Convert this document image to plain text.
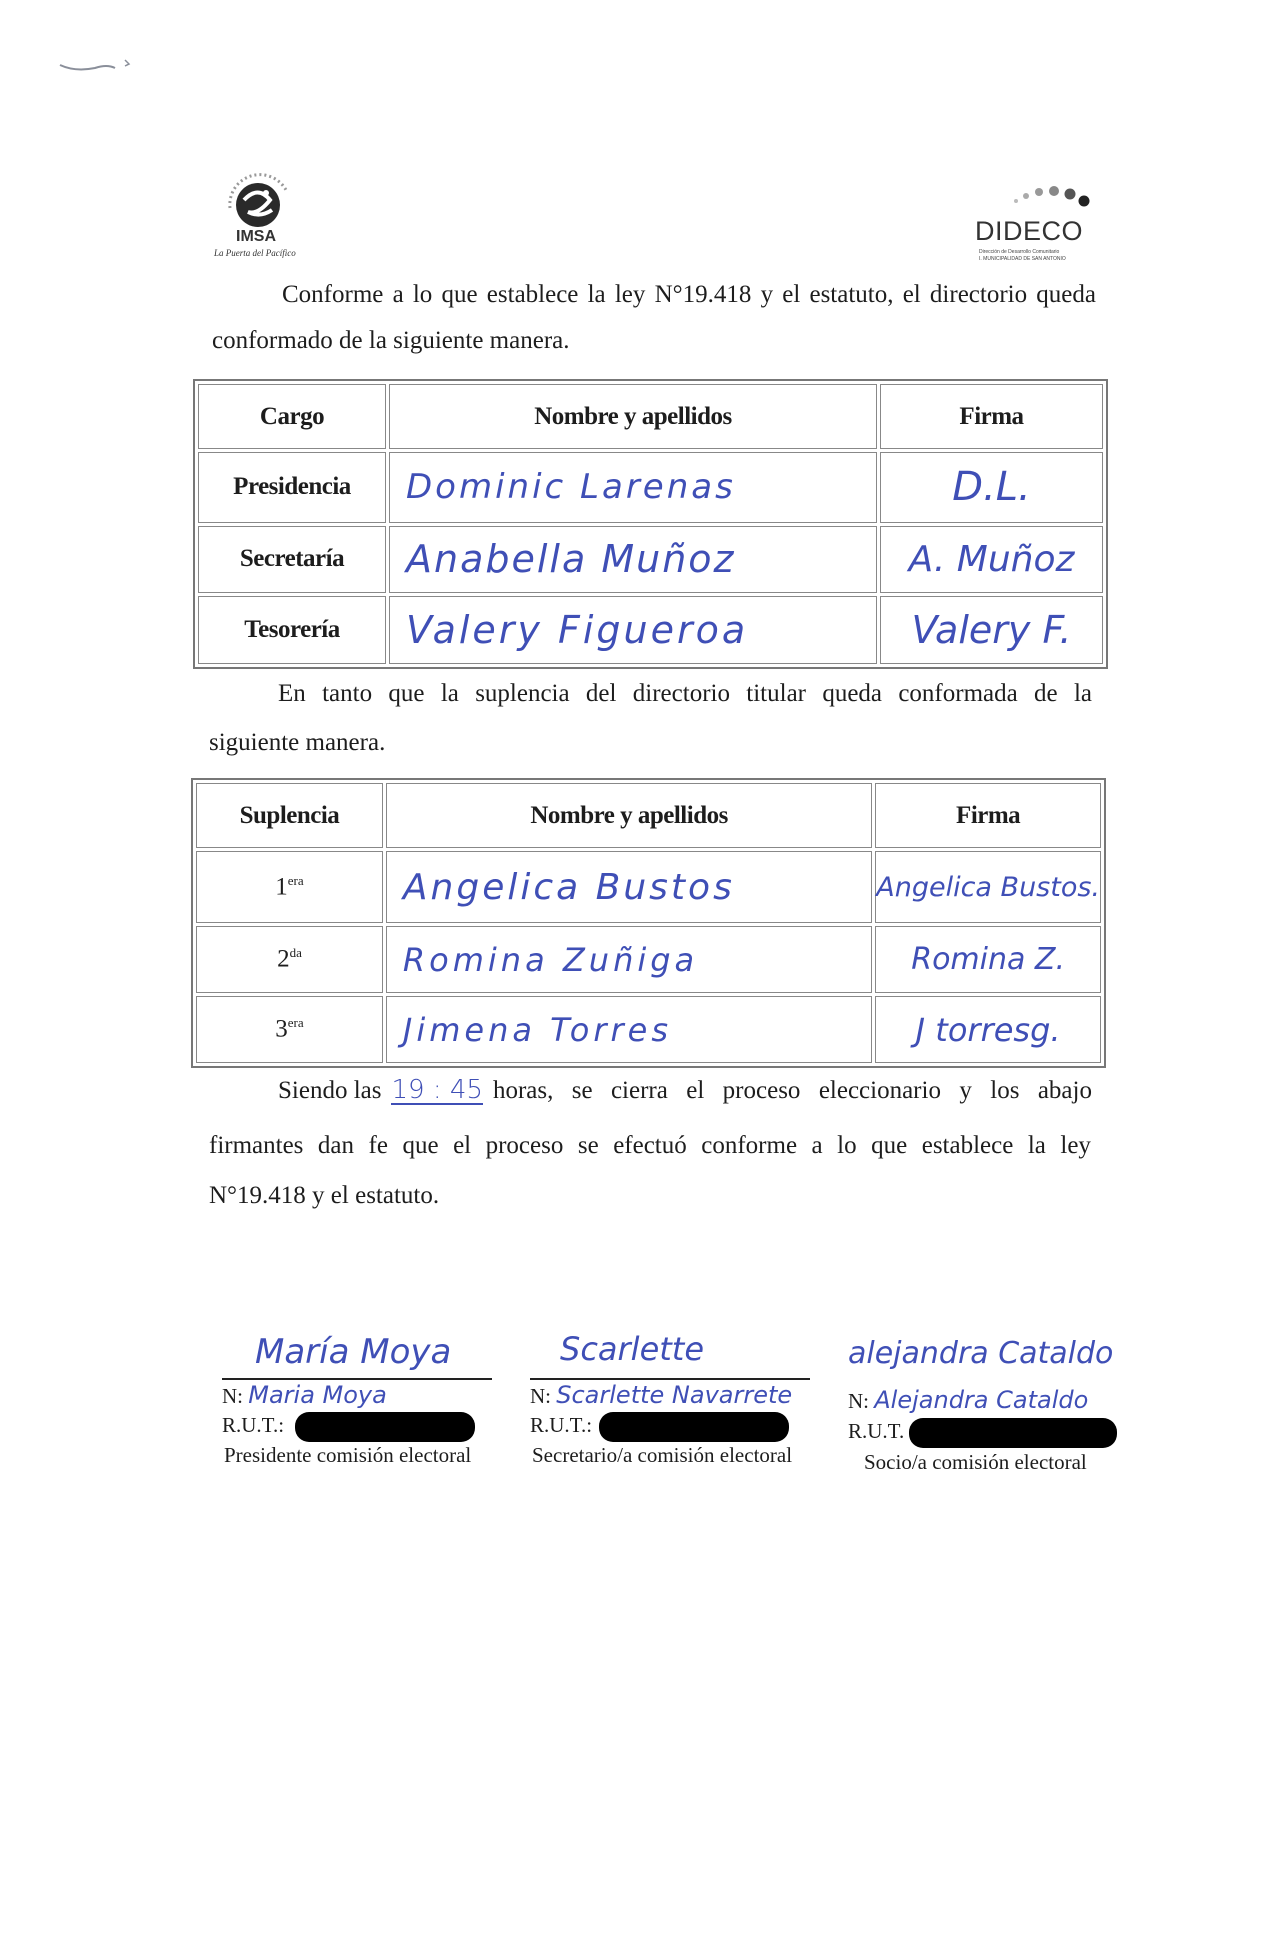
IMSA
La Puerta del Pacífico
DIDECO
Dirección de Desarrollo Comunitario
I. MUNICIPALIDAD DE SAN ANTONIO
Conforme a lo que establece la ley N°19.418 y el estatuto, el directorio queda
conformado de la siguiente manera.
Cargo	Nombre y apellidos	Firma
Presidencia	Dominic Larenas	D.L.
Secretaría	Anabella Muñoz	A. Muñoz
Tesorería	Valery Figueroa	Valery F.
En tanto que la suplencia del directorio titular queda conformada de la
siguiente manera.
Suplencia	Nombre y apellidos	Firma
$1^{era}$	Angelica Bustos	Angelica Bustos.
$2^{da}$	Romina Zuñiga	Romina Z.
$3^{era}$	Jimena Torres	J torresg.
Siendo las 19 : 45 horas, se cierra el proceso eleccionario y los abajo
firmantes dan fe que el proceso se efectuó conforme a lo que establece la ley
N°19.418 y el estatuto.
María Moya
N: Maria Moya
R.U.T.:
Presidente comisión electoral
Scarlette
N: Scarlette Navarrete
R.U.T.:
Secretario/a comisión electoral
alejandra Cataldo
N: Alejandra Cataldo
R.U.T.
Socio/a comisión electoral
